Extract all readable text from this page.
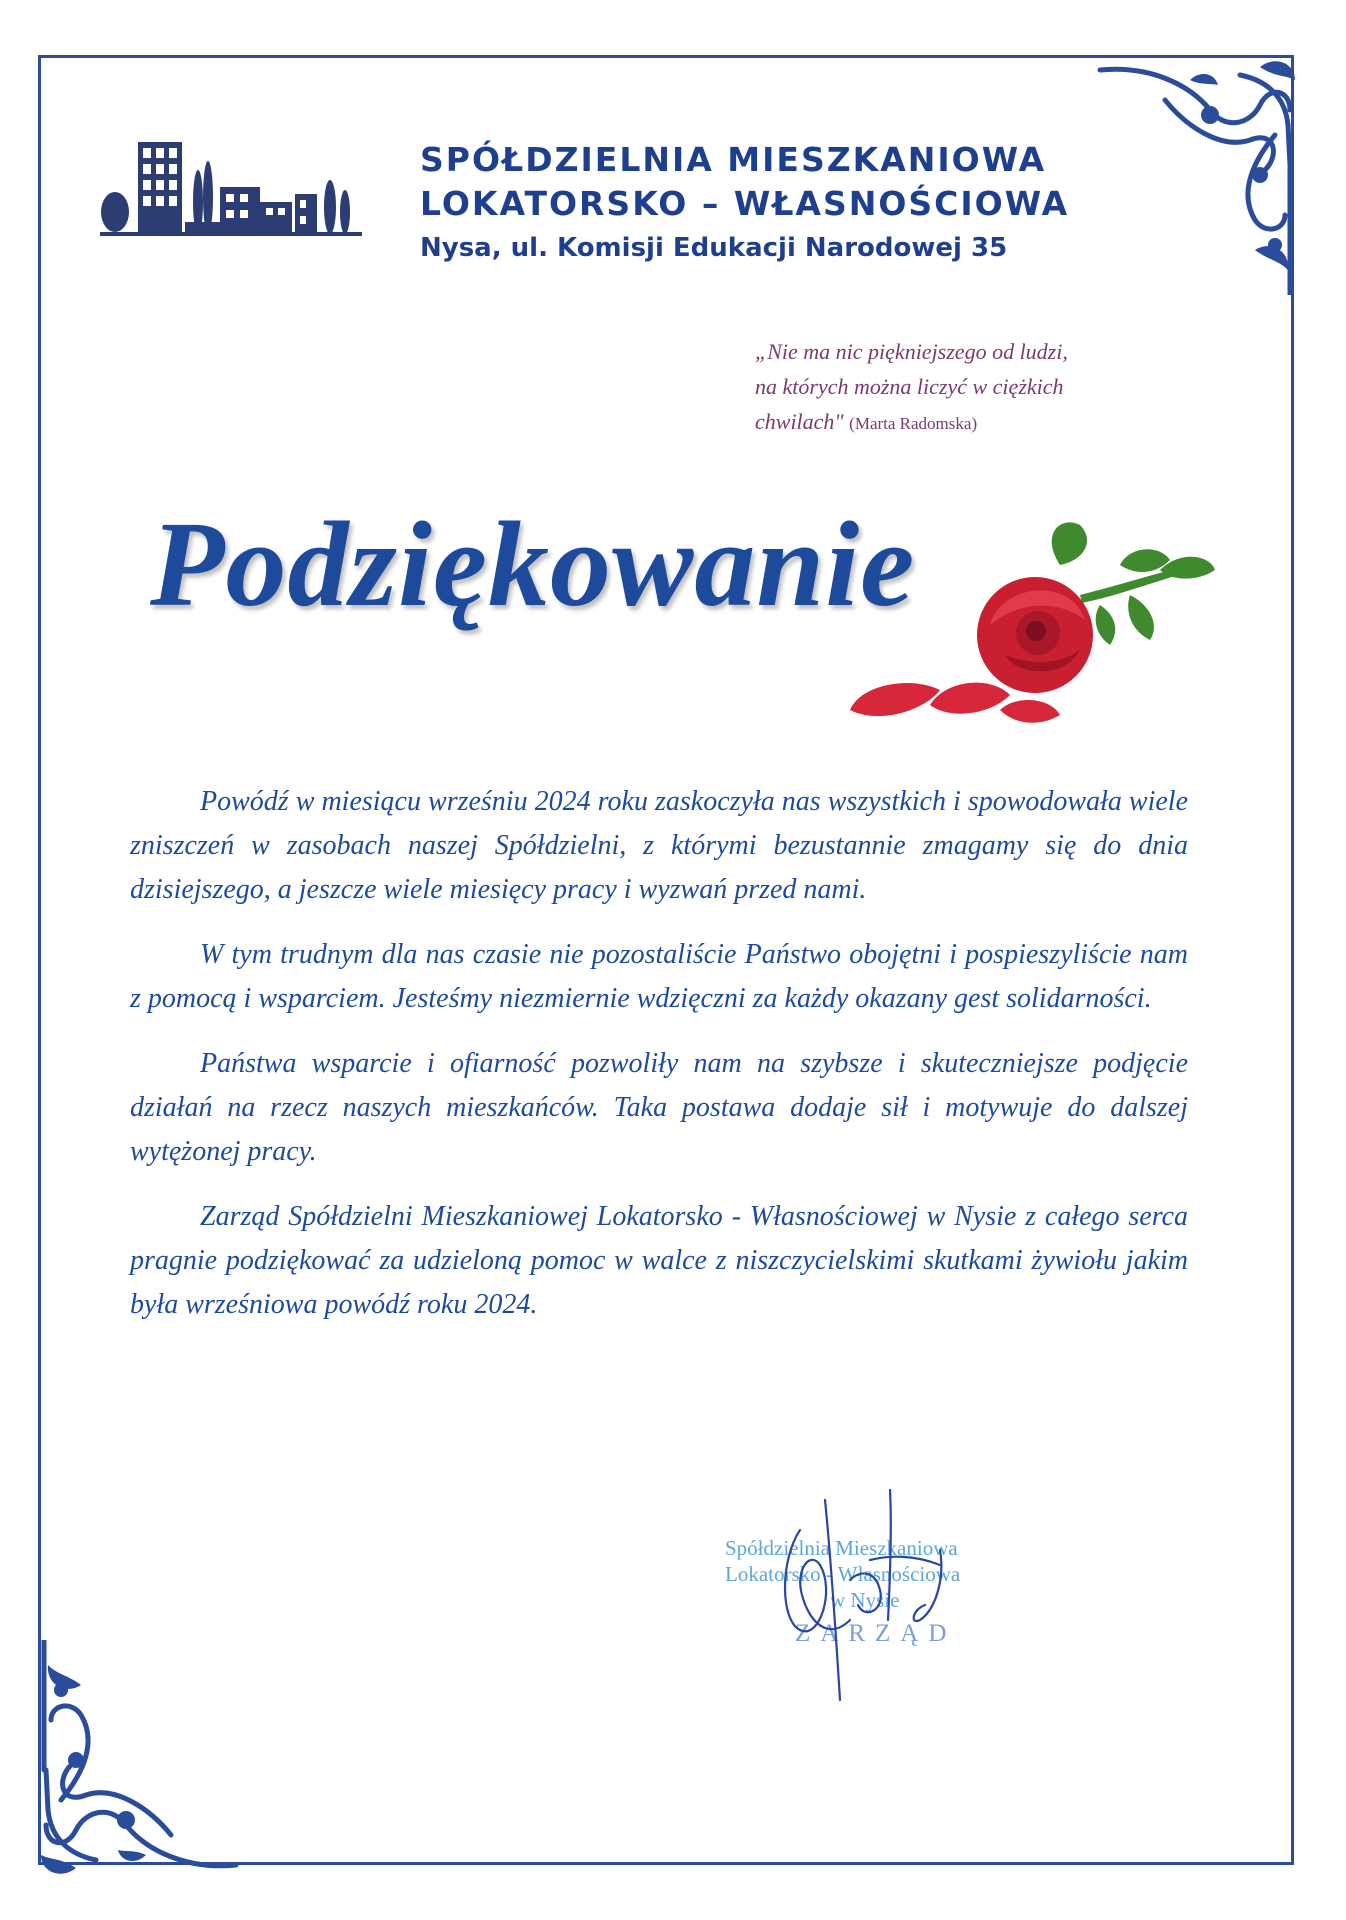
SPÓŁDZIELNIA MIESZKANIOWA
LOKATORSKO – WŁASNOŚCIOWA
Nysa, ul. Komisji Edukacji Narodowej 35
„Nie ma nic piękniejszego od ludzi,
na których można liczyć w ciężkich
chwilach" (Marta Radomska)
Podziękowanie

Powódź w miesiącu wrześniu 2024 roku zaskoczyła nas wszystkich i spowodowała wiele zniszczeń w zasobach naszej Spółdzielni, z którymi bezustannie zmagamy się do dnia dzisiejszego, a jeszcze wiele miesięcy pracy i wyzwań przed nami.

W tym trudnym dla nas czasie nie pozostaliście Państwo obojętni i pospieszyliście nam z pomocą i wsparciem. Jesteśmy niezmiernie wdzięczni za każdy okazany gest solidarności.

Państwa wsparcie i ofiarność pozwoliły nam na szybsze i skuteczniejsze podjęcie działań na rzecz naszych mieszkańców. Taka postawa dodaje sił i motywuje do dalszej wytężonej pracy.

Zarząd Spółdzielni Mieszkaniowej Lokatorsko - Własnościowej w Nysie z całego serca pragnie podziękować za udzieloną pomoc w walce z niszczycielskimi skutkami żywiołu jakim była wrześniowa powódź roku 2024.

Spółdzielnia Mieszkaniowa
Lokatorsko - Własnościowa
w Nysie
ZARZĄD
